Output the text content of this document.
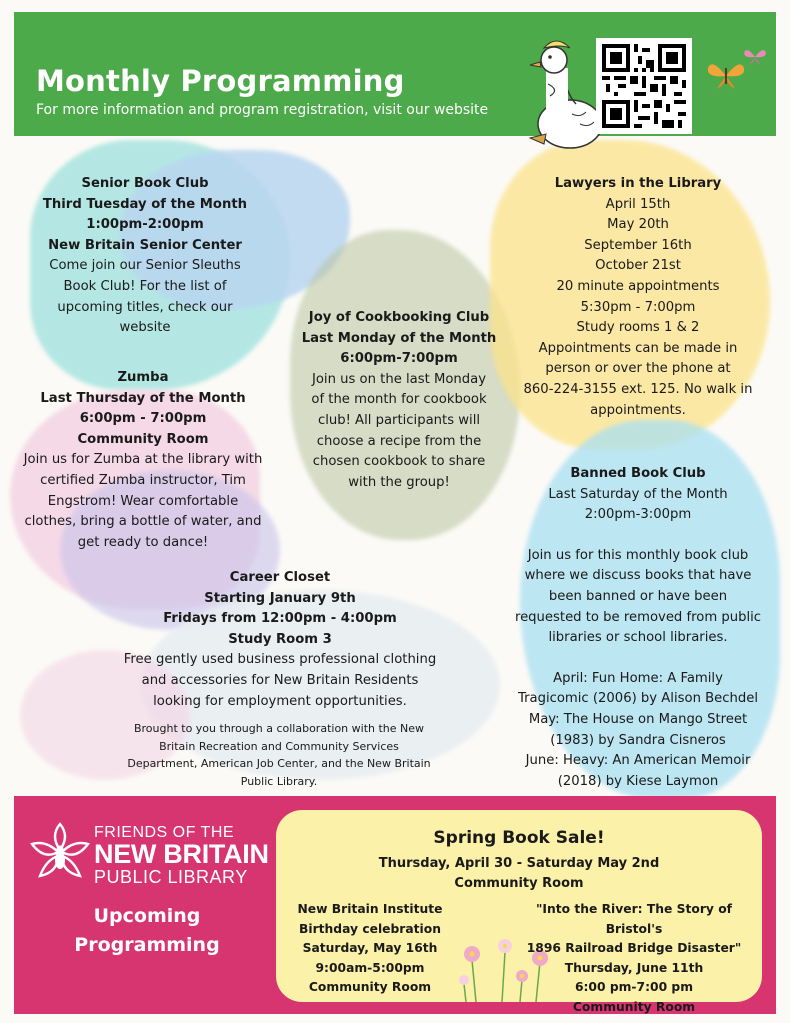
Monthly Programming
For more information and program registration, visit our website
Senior Book Club
Third Tuesday of the Month
1:00pm-2:00pm
New Britain Senior Center
Come join our Senior Sleuths
Book Club! For the list of
upcoming titles, check our
website
Zumba
Last Thursday of the Month
6:00pm - 7:00pm
Community Room
Join us for Zumba at the library with
certified Zumba instructor, Tim
Engstrom! Wear comfortable
clothes, bring a bottle of water, and
get ready to dance!
Joy of Cookbooking Club
Last Monday of the Month
6:00pm-7:00pm
Join us on the last Monday
of the month for cookbook
club! All participants will
choose a recipe from the
chosen cookbook to share
with the group!
Lawyers in the Library
April 15th
May 20th
September 16th
October 21st
20 minute appointments
5:30pm - 7:00pm
Study rooms 1 & 2
Appointments can be made in
person or over the phone at
860-224-3155 ext. 125. No walk in
appointments.
Banned Book Club
Last Saturday of the Month
2:00pm-3:00pm
Join us for this monthly book club
where we discuss books that have
been banned or have been
requested to be removed from public
libraries or school libraries.
April: Fun Home: A Family
Tragicomic (2006) by Alison Bechdel
May: The House on Mango Street
(1983) by Sandra Cisneros
June: Heavy: An American Memoir
(2018) by Kiese Laymon
Career Closet
Starting January 9th
Fridays from 12:00pm - 4:00pm
Study Room 3
Free gently used business professional clothing
and accessories for New Britain Residents
looking for employment opportunities.
Brought to you through a collaboration with the New
Britain Recreation and Community Services
Department, American Job Center, and the New Britain
Public Library.
FRIENDS OF THE
NEW BRITAIN
PUBLIC LIBRARY
Upcoming
Programming
Spring Book Sale!
Thursday, April 30 - Saturday May 2nd
Community Room
New Britain Institute
Birthday celebration
Saturday, May 16th
9:00am-5:00pm
Community Room
"Into the River: The Story of Bristol's
1896 Railroad Bridge Disaster"
Thursday, June 11th
6:00 pm-7:00 pm
Community Room
